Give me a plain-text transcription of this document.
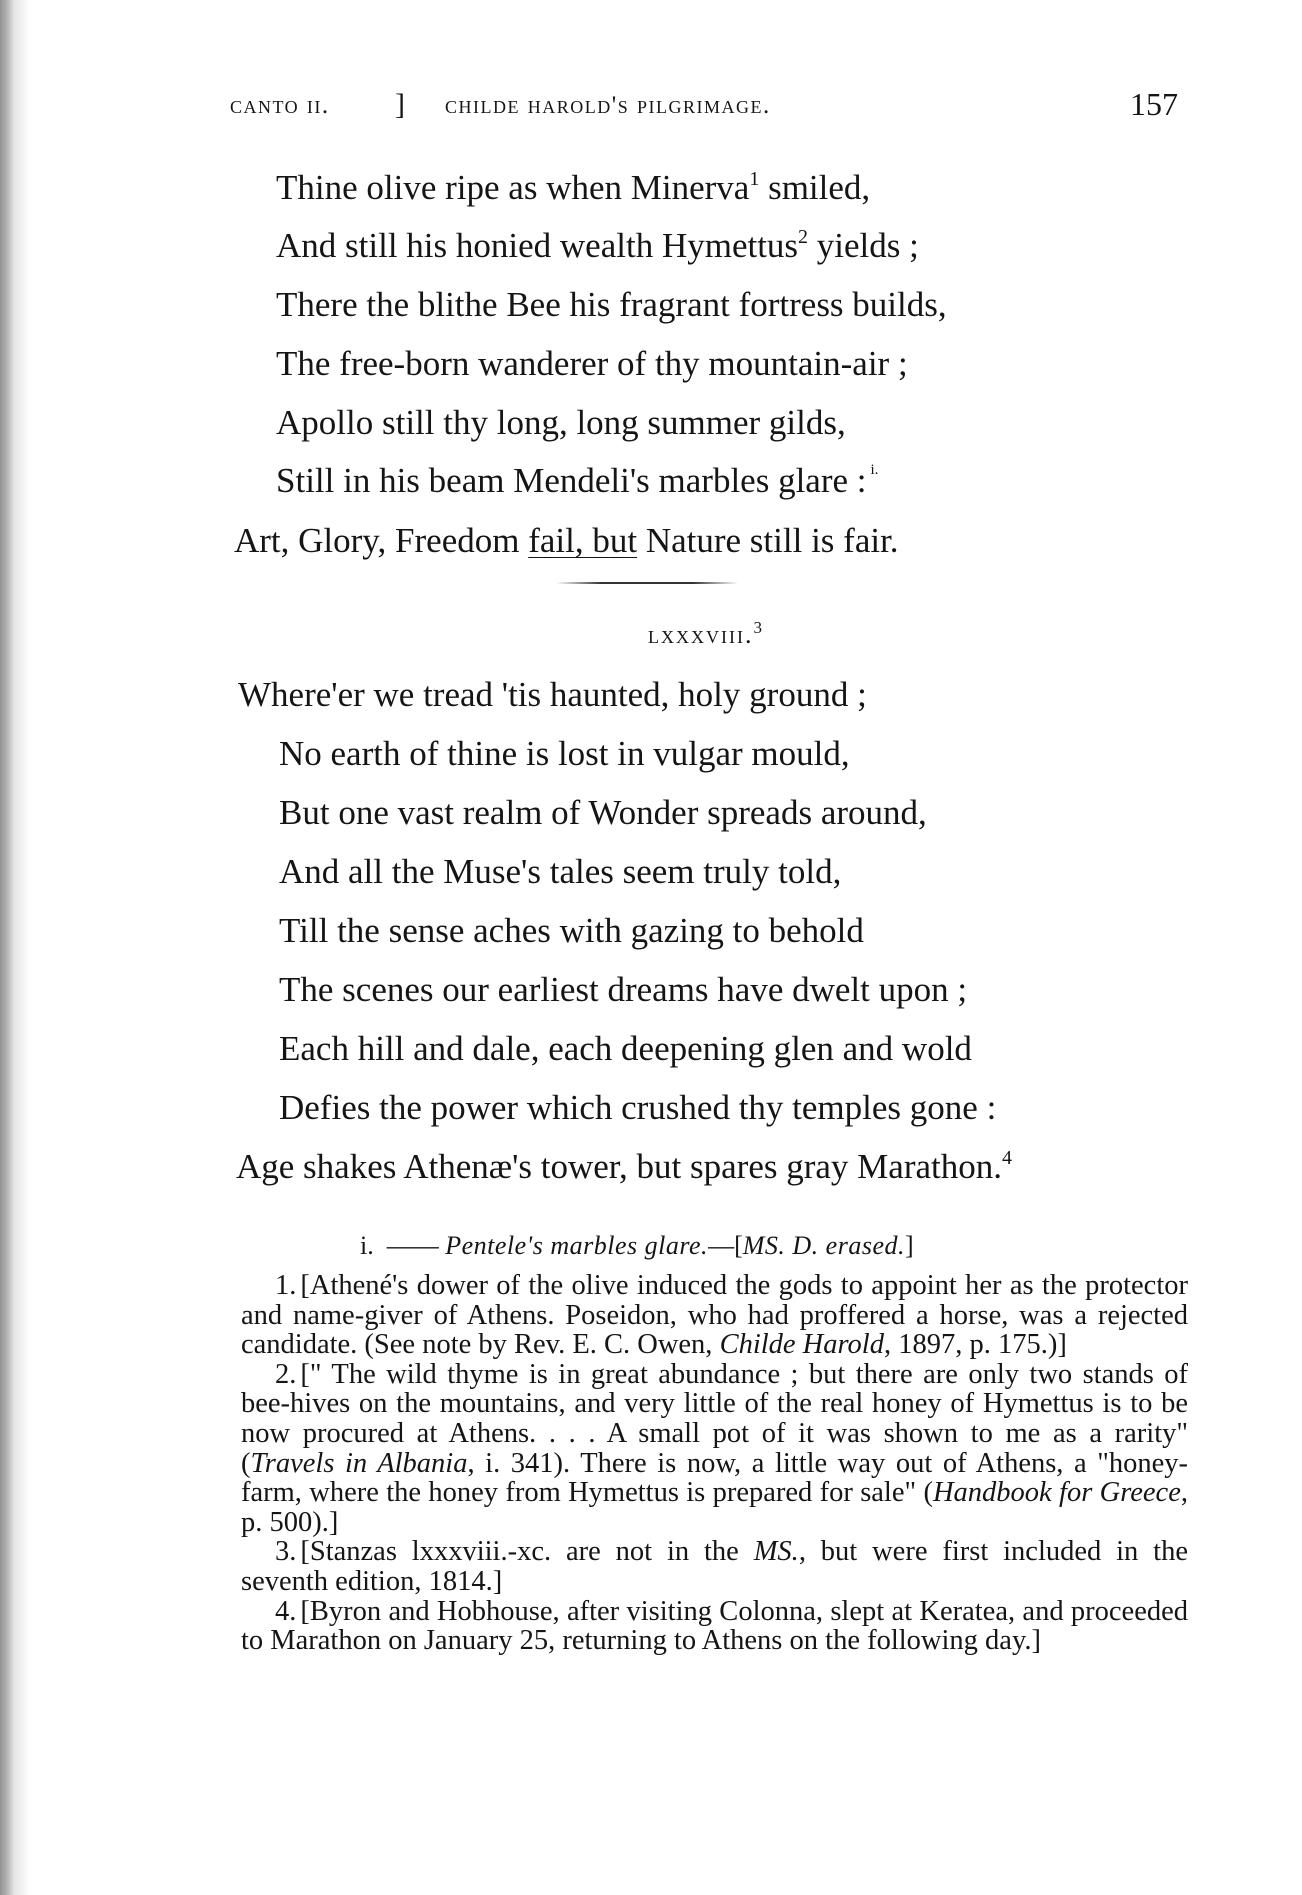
canto ii. ] childe harold's pilgrimage.	157
Thine olive ripe as when Minerva$^1$ smiled,
And still his honied wealth Hymettus$^2$ yields ;
There the blithe Bee his fragrant fortress builds,
The free-born wanderer of thy mountain-air ;
Apollo still thy long, long summer gilds,
Still in his beam Mendeli's marbles glare : $^{i.}$
Art, Glory, Freedom fail, but Nature still is fair.
lxxxviii.$^3$
Where'er we tread 'tis haunted, holy ground ;
No earth of thine is lost in vulgar mould,
But one vast realm of Wonder spreads around,
And all the Muse's tales seem truly told,
Till the sense aches with gazing to behold
The scenes our earliest dreams have dwelt upon ;
Each hill and dale, each deepening glen and wold
Defies the power which crushed thy temples gone :
Age shakes Athenæ's tower, but spares gray Marathon.$^4$
i. —— Pentele's marbles glare.—[MS. D. erased.]

1. [Athené's dower of the olive induced the gods to appoint her as the protector and name-giver of Athens. Poseidon, who had proffered a horse, was a rejected candidate. (See note by Rev. E. C. Owen, Childe Harold, 1897, p. 175.)]

2. [" The wild thyme is in great abundance ; but there are only two stands of bee-hives on the mountains, and very little of the real honey of Hymettus is to be now procured at Athens. . . . A small pot of it was shown to me as a rarity" (Travels in Albania, i. 341). There is now, a little way out of Athens, a "honey-farm, where the honey from Hymettus is prepared for sale" (Handbook for Greece, p. 500).]

3. [Stanzas lxxxviii.-xc. are not in the MS., but were first included in the seventh edition, 1814.]

4. [Byron and Hobhouse, after visiting Colonna, slept at Keratea, and proceeded to Marathon on January 25, returning to Athens on the following day.]
